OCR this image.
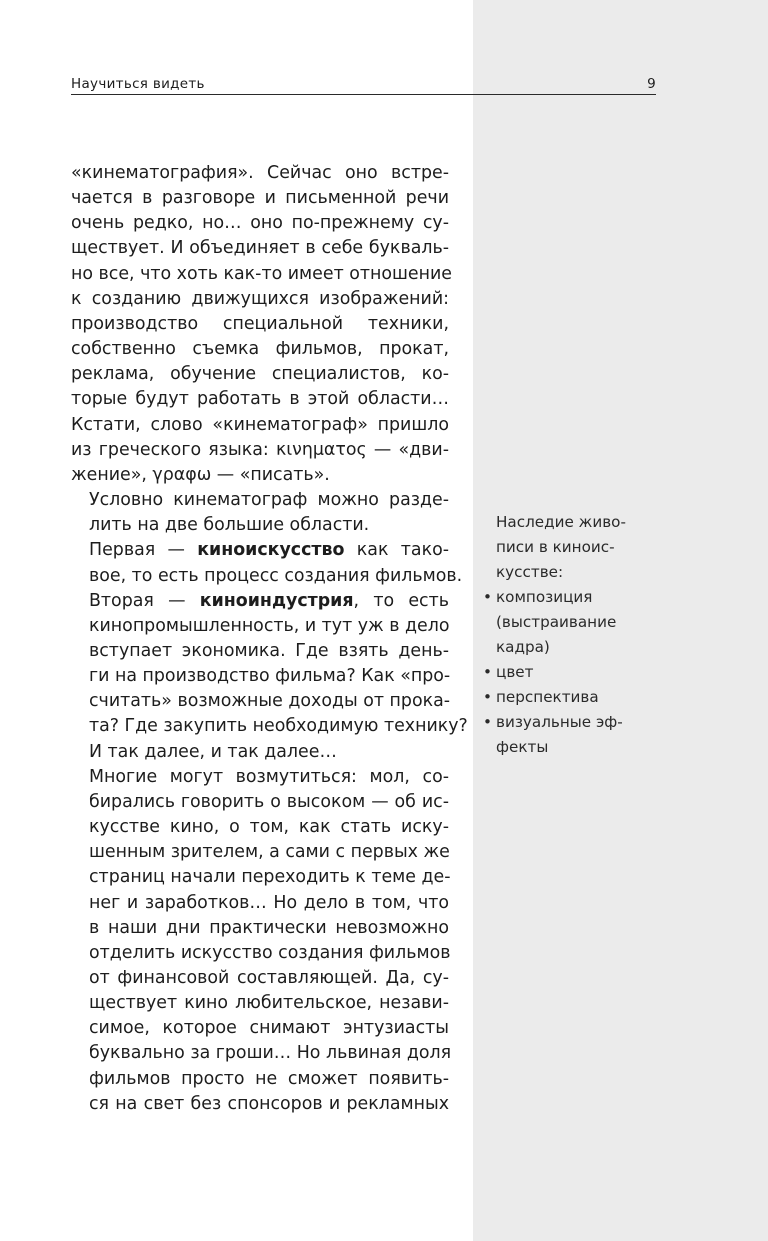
Научиться видеть	9

«кинематография». Сейчас оно встре-
чается в разговоре и письменной речи
очень редко, но… оно по-прежнему су-
ществует. И объединяет в себе букваль-
но все, что хоть как-то имеет отношение
к созданию движущихся изображений:
производство специальной техники,
собственно съемка фильмов, прокат,
реклама, обучение специалистов, ко-
торые будут работать в этой области…
Кстати, слово «кинематограф» пришло
из греческого языка: κινηματος — «дви-
жение», γραφω — «писать».

Условно кинематограф можно разде-
лить на две большие области.

Первая — киноискусство как тако-
вое, то есть процесс создания фильмов.

Вторая — киноиндустрия, то есть
кинопромышленность, и тут уж в дело
вступает экономика. Где взять день-
ги на производство фильма? Как «про-
считать» возможные доходы от прока-
та? Где закупить необходимую технику?
И так далее, и так далее…

Многие могут возмутиться: мол, со-
бирались говорить о высоком — об ис-
кусстве кино, о том, как стать иску-
шенным зрителем, а сами с первых же
страниц начали переходить к теме де-
нег и заработков… Но дело в том, что
в наши дни практически невозможно
отделить искусство создания фильмов
от финансовой составляющей. Да, су-
ществует кино любительское, незави-
симое, которое снимают энтузиасты
буквально за гроши… Но львиная доля
фильмов просто не сможет появить-
ся на свет без спонсоров и рекламных

Наследие живо-
писи в киноис-
кусстве:
• композиция
(выстраивание
кадра)
• цвет
• перспектива
• визуальные эф-
фекты
